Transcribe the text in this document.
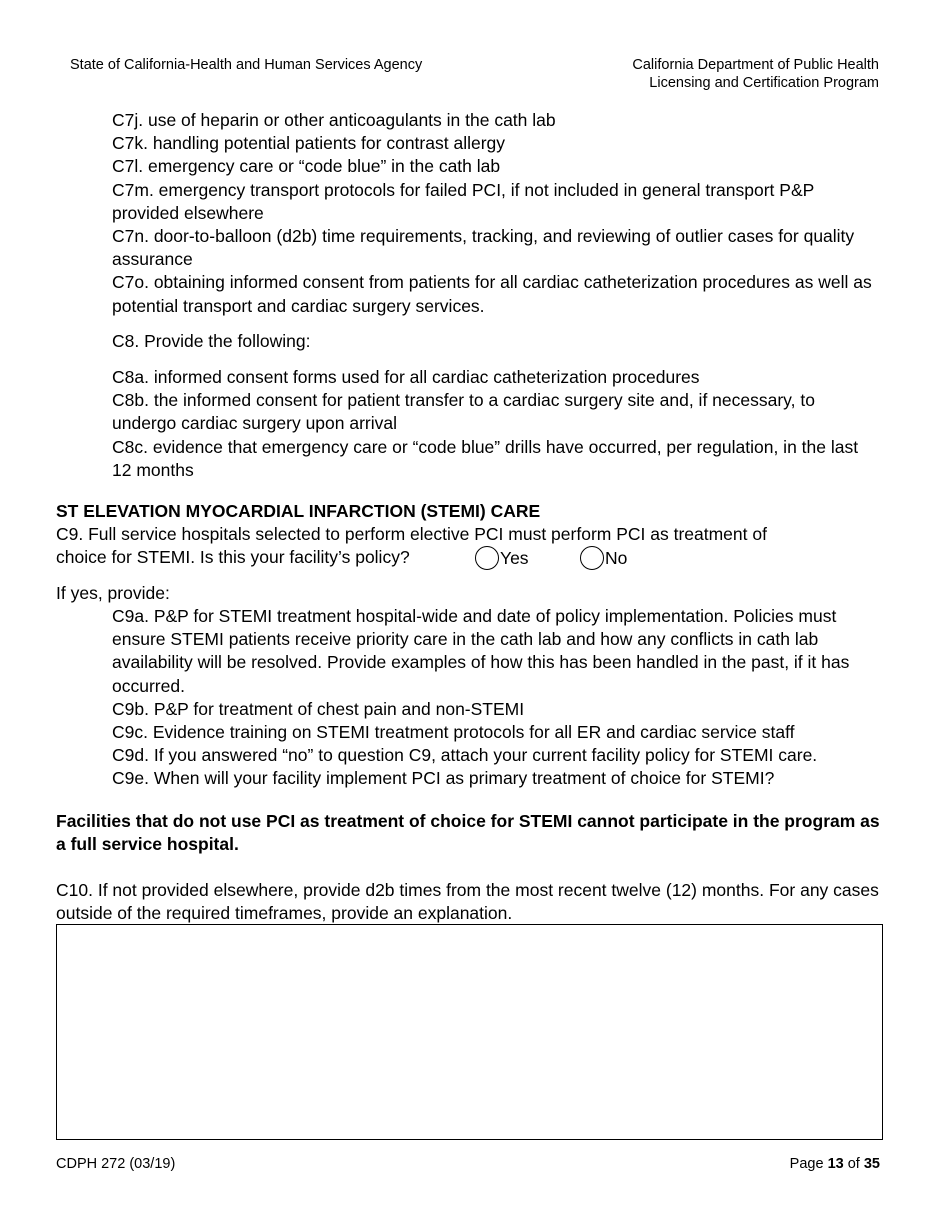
State of California-Health and Human Services Agency	California Department of Public Health
Licensing and Certification Program

C7j. use of heparin or other anticoagulants in the cath lab

C7k. handling potential patients for contrast allergy

C7l. emergency care or “code blue” in the cath lab

C7m. emergency transport protocols for failed PCI, if not included in general transport P&P provided elsewhere

C7n. door-to-balloon (d2b) time requirements, tracking, and reviewing of outlier cases for quality assurance

C7o. obtaining informed consent from patients for all cardiac catheterization procedures as well as potential transport and cardiac surgery services.

C8. Provide the following:

C8a. informed consent forms used for all cardiac catheterization procedures

C8b. the informed consent for patient transfer to a cardiac surgery site and, if necessary, to undergo cardiac surgery upon arrival

C8c. evidence that emergency care or “code blue” drills have occurred, per regulation, in the last 12 months

ST ELEVATION MYOCARDIAL INFARCTION (STEMI) CARE

C9. Full service hospitals selected to perform elective PCI must perform PCI as treatment of

choice for STEMI. Is this your facility’s policy?	Yes	No
If yes, provide:

C9a. P&P for STEMI treatment hospital-wide and date of policy implementation. Policies must ensure STEMI patients receive priority care in the cath lab and how any conflicts in cath lab availability will be resolved. Provide examples of how this has been handled in the past, if it has occurred.

C9b. P&P for treatment of chest pain and non-STEMI

C9c. Evidence training on STEMI treatment protocols for all ER and cardiac service staff

C9d. If you answered “no” to question C9, attach your current facility policy for STEMI care.

C9e. When will your facility implement PCI as primary treatment of choice for STEMI?

Facilities that do not use PCI as treatment of choice for STEMI cannot participate in the program as a full service hospital.
C10. If not provided elsewhere, provide d2b times from the most recent twelve (12) months. For any cases outside of the required timeframes, provide an explanation.
CDPH 272 (03/19)	Page 13 of 35
